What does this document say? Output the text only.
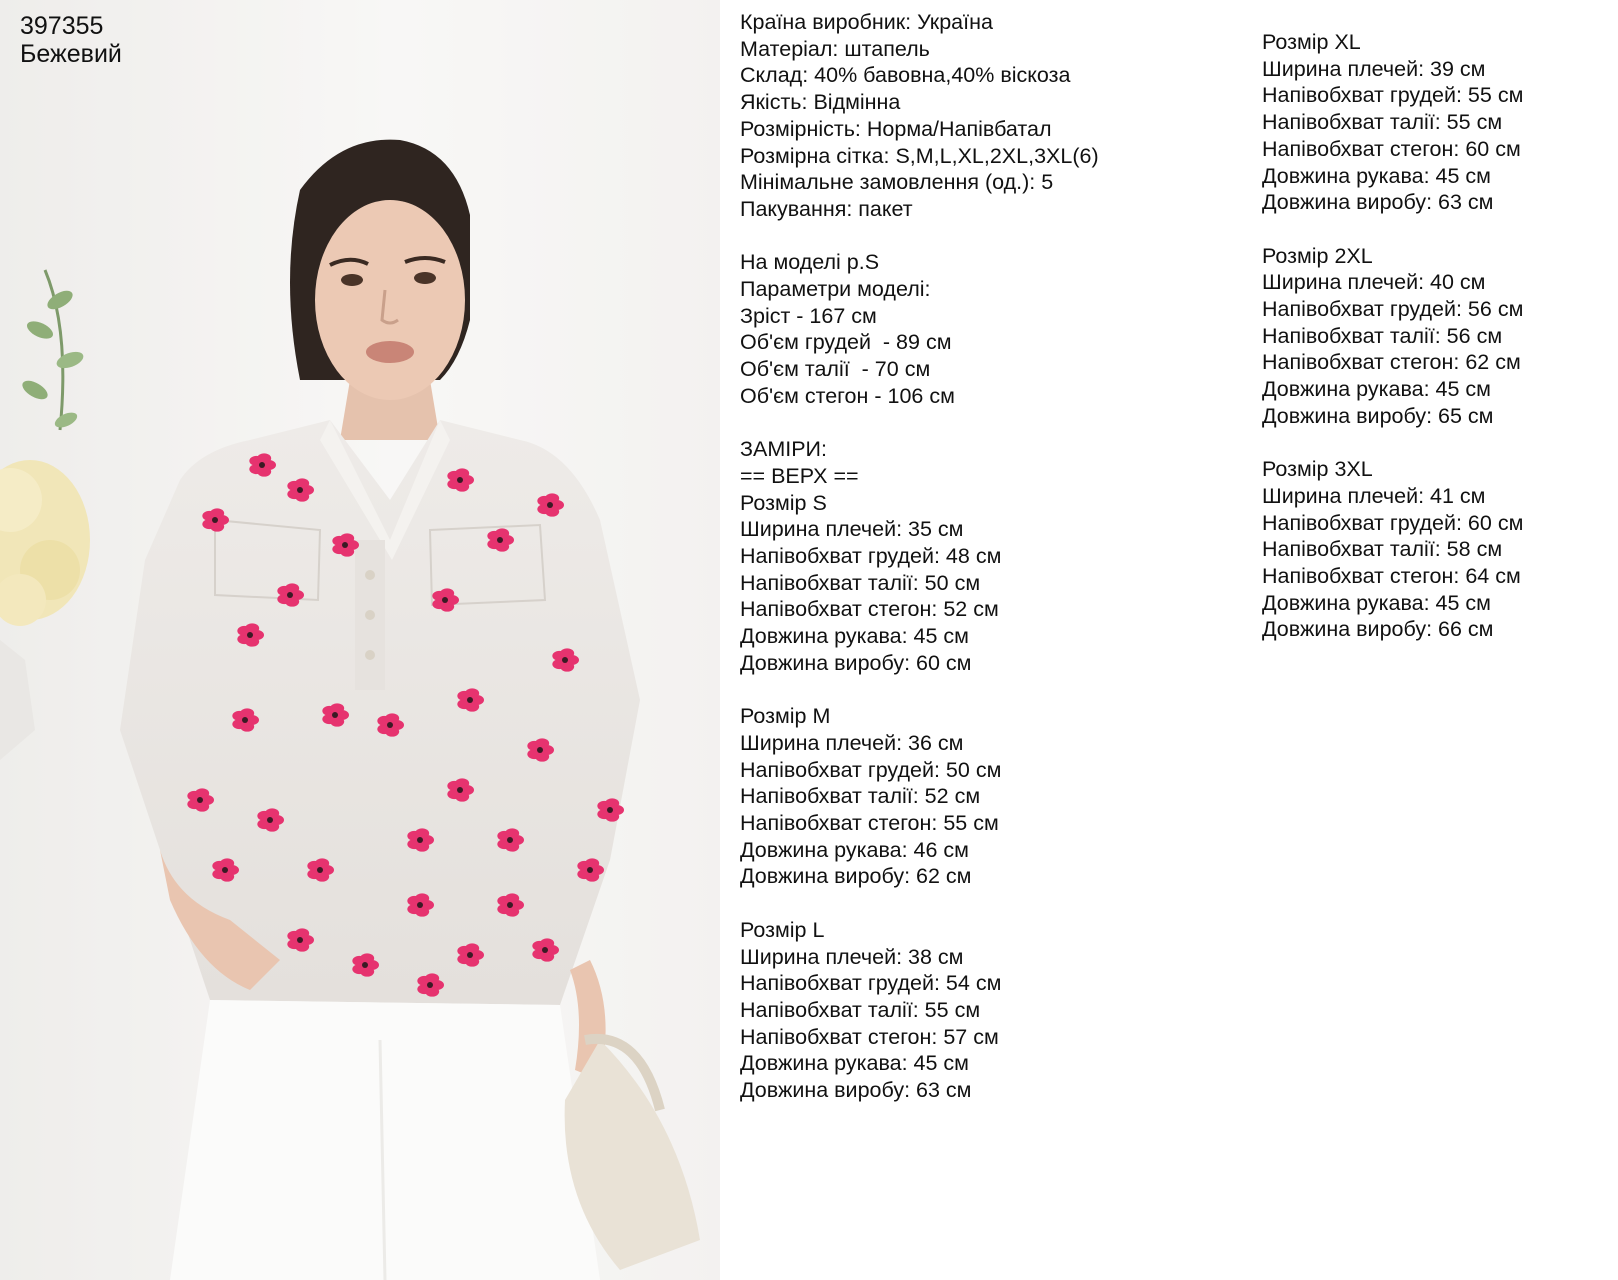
397355
Бежевий
Країна виробник: Україна
Матеріал: штапель
Склад: 40% бавовна,40% віскоза
Якість: Відмінна
Розмірність: Норма/Напівбатал
Розмірна сітка: S,M,L,XL,2XL,3XL(6)
Мінімальне замовлення (од.): 5
Пакування: пакет
На моделі р.S
Параметри моделі:
Зріст - 167 см
Об'єм грудей  - 89 см
Об'єм талії  - 70 см
Об'єм стегон - 106 см
ЗАМІРИ:
== ВЕРХ ==
Розмір S
Ширина плечей: 35 см
Напівобхват грудей: 48 см
Напівобхват талії: 50 см
Напівобхват стегон: 52 см
Довжина рукава: 45 см
Довжина виробу: 60 см
Розмір M
Ширина плечей: 36 см
Напівобхват грудей: 50 см
Напівобхват талії: 52 см
Напівобхват стегон: 55 см
Довжина рукава: 46 см
Довжина виробу: 62 см
Розмір L
Ширина плечей: 38 см
Напівобхват грудей: 54 см
Напівобхват талії: 55 см
Напівобхват стегон: 57 см
Довжина рукава: 45 см
Довжина виробу: 63 см
Розмір XL
Ширина плечей: 39 см
Напівобхват грудей: 55 см
Напівобхват талії: 55 см
Напівобхват стегон: 60 см
Довжина рукава: 45 см
Довжина виробу: 63 см
Розмір 2XL
Ширина плечей: 40 см
Напівобхват грудей: 56 см
Напівобхват талії: 56 см
Напівобхват стегон: 62 см
Довжина рукава: 45 см
Довжина виробу: 65 см
Розмір 3XL
Ширина плечей: 41 см
Напівобхват грудей: 60 см
Напівобхват талії: 58 см
Напівобхват стегон: 64 см
Довжина рукава: 45 см
Довжина виробу: 66 см
